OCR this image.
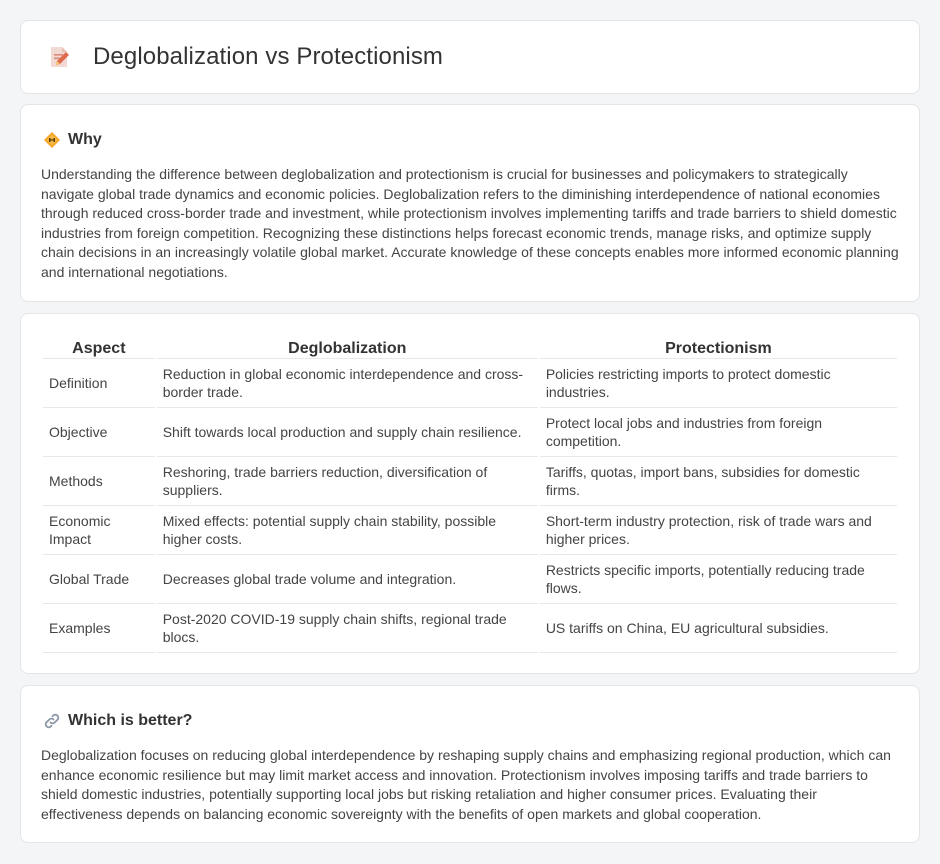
Deglobalization vs Protectionism
Why

Understanding the difference between deglobalization and protectionism is crucial for businesses and policymakers to strategically navigate global trade dynamics and economic policies. Deglobalization refers to the diminishing interdependence of national economies through reduced cross-border trade and investment, while protectionism involves implementing tariffs and trade barriers to shield domestic industries from foreign competition. Recognizing these distinctions helps forecast economic trends, manage risks, and optimize supply chain decisions in an increasingly volatile global market. Accurate knowledge of these concepts enables more informed economic planning and international negotiations.

Aspect	Deglobalization	Protectionism
Definition	Reduction in global economic interdependence and cross-border trade.	Policies restricting imports to protect domestic industries.
Objective	Shift towards local production and supply chain resilience.	Protect local jobs and industries from foreign competition.
Methods	Reshoring, trade barriers reduction, diversification of suppliers.	Tariffs, quotas, import bans, subsidies for domestic firms.
Economic Impact	Mixed effects: potential supply chain stability, possible higher costs.	Short-term industry protection, risk of trade wars and higher prices.
Global Trade	Decreases global trade volume and integration.	Restricts specific imports, potentially reducing trade flows.
Examples	Post-2020 COVID-19 supply chain shifts, regional trade blocs.	US tariffs on China, EU agricultural subsidies.
Which is better?

Deglobalization focuses on reducing global interdependence by reshaping supply chains and emphasizing regional production, which can enhance economic resilience but may limit market access and innovation. Protectionism involves imposing tariffs and trade barriers to shield domestic industries, potentially supporting local jobs but risking retaliation and higher consumer prices. Evaluating their effectiveness depends on balancing economic sovereignty with the benefits of open markets and global cooperation.
